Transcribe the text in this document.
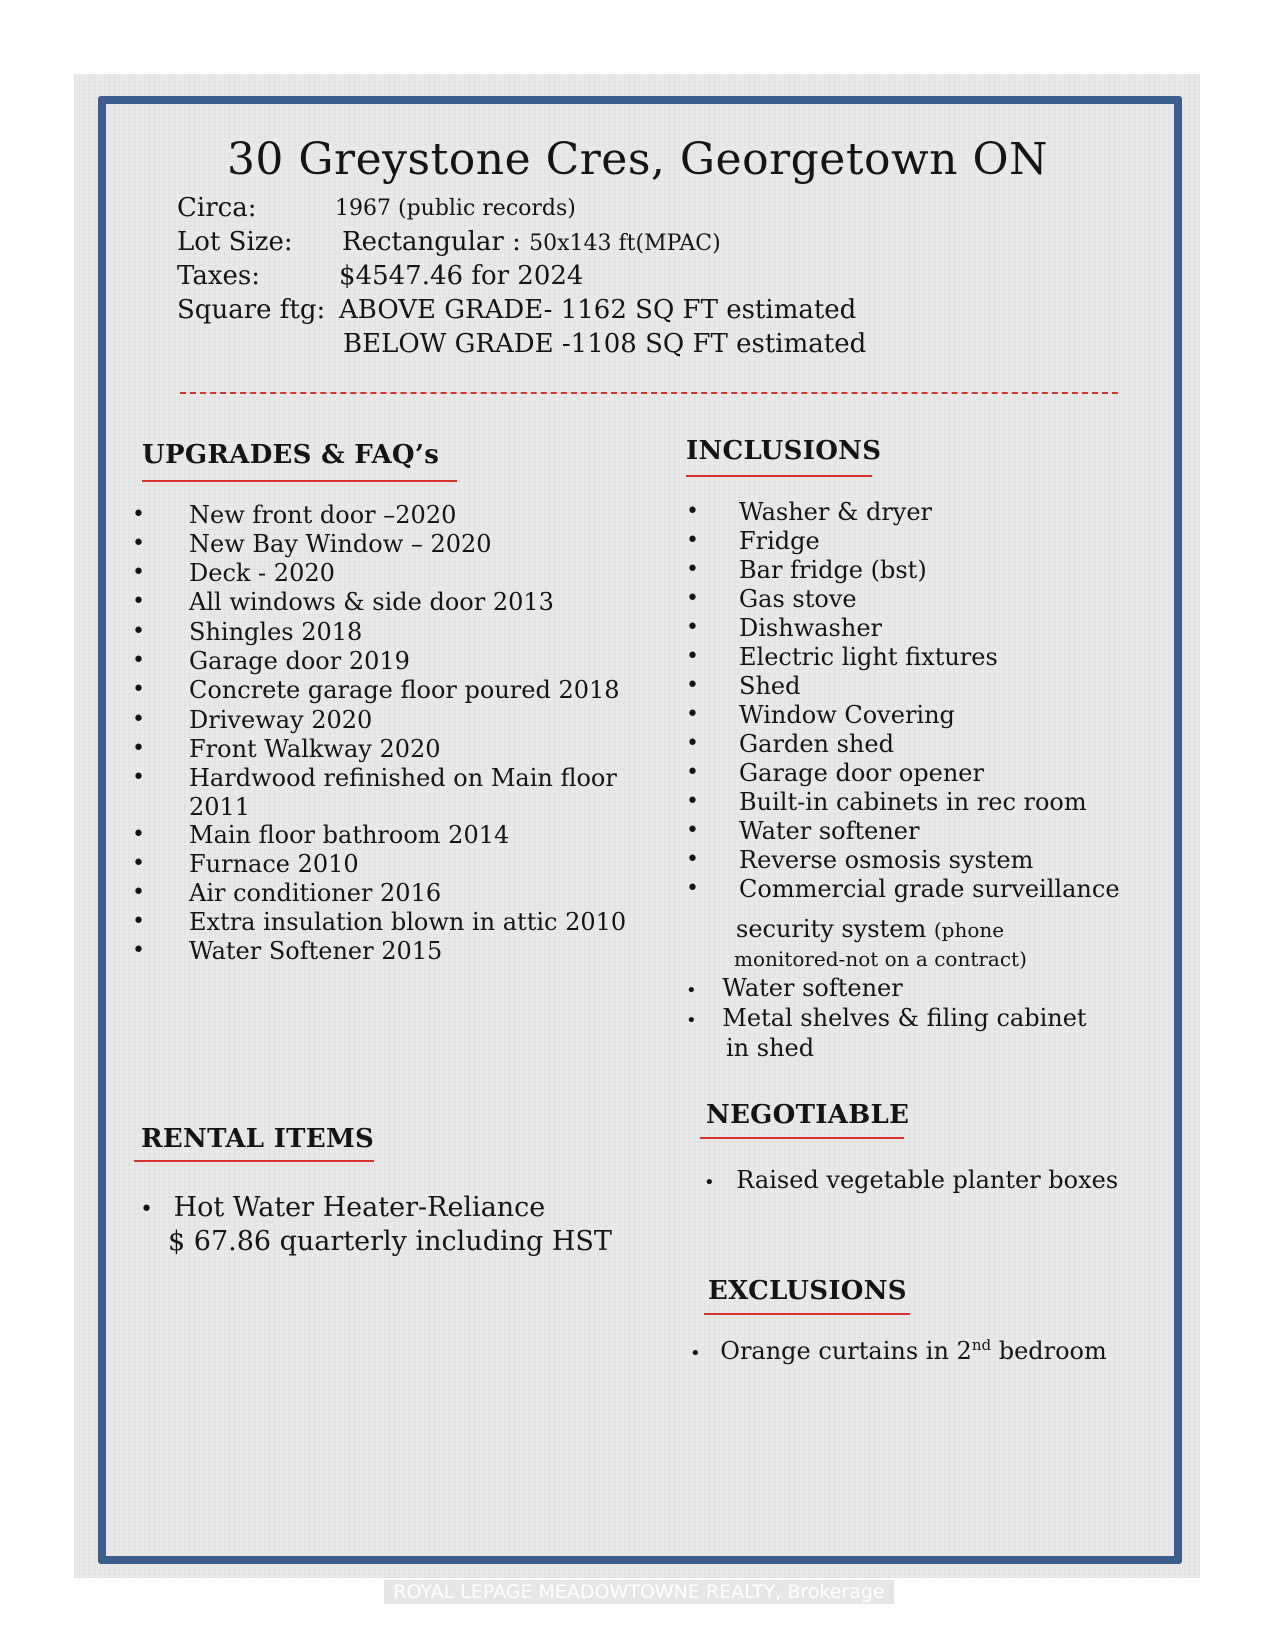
30 Greystone Cres, Georgetown ON
Circa:	1967 (public records)
Lot Size: Rectangular : 50x143 ft(MPAC)
Taxes:	$4547.46 for 2024
Square ftg: ABOVE GRADE- 1162 SQ FT estimated
BELOW GRADE -1108 SQ FT estimated
UPGRADES & FAQ’s
• New front door –2020
• New Bay Window – 2020
• Deck - 2020
• All windows & side door 2013
• Shingles 2018
• Garage door 2019
• Concrete garage floor poured 2018
• Driveway 2020
• Front Walkway 2020
• Hardwood refinished on Main floor
2011
• Main floor bathroom 2014
• Furnace 2010
• Air conditioner 2016
• Extra insulation blown in attic 2010
• Water Softener 2015
INCLUSIONS
• Washer & dryer
• Fridge
• Bar fridge (bst)
• Gas stove
• Dishwasher
• Electric light fixtures
• Shed
• Window Covering
• Garden shed
• Garage door opener
• Built-in cabinets in rec room
• Water softener
• Reverse osmosis system
• Commercial grade surveillance
security system (phone
monitored-not on a contract)
• Water softener
• Metal shelves & filing cabinet
in shed
NEGOTIABLE
• Raised vegetable planter boxes
RENTAL ITEMS
• Hot Water Heater-Reliance
$ 67.86 quarterly including HST
EXCLUSIONS
• Orange curtains in 2nd bedroom
ROYAL LEPAGE MEADOWTOWNE REALTY, Brokerage
